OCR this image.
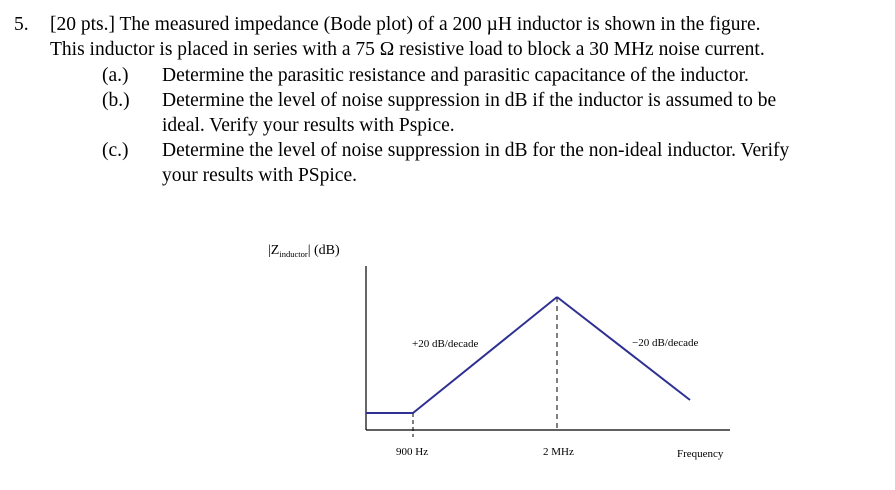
5. [20 pts.] The measured impedance (Bode plot) of a 200 µH inductor is shown in the figure.
This inductor is placed in series with a 75 Ω resistive load to block a 30 MHz noise current.
(a.) Determine the parasitic resistance and parasitic capacitance of the inductor.
(b.) Determine the level of noise suppression in dB if the inductor is assumed to be
ideal. Verify your results with Pspice.
(c.) Determine the level of noise suppression in dB for the non-ideal inductor. Verify
your results with PSpice.
$|Z_{inductor}|$ (dB)
+20 dB/decade	−20 dB/decade
900 Hz	2 MHz	Frequency
